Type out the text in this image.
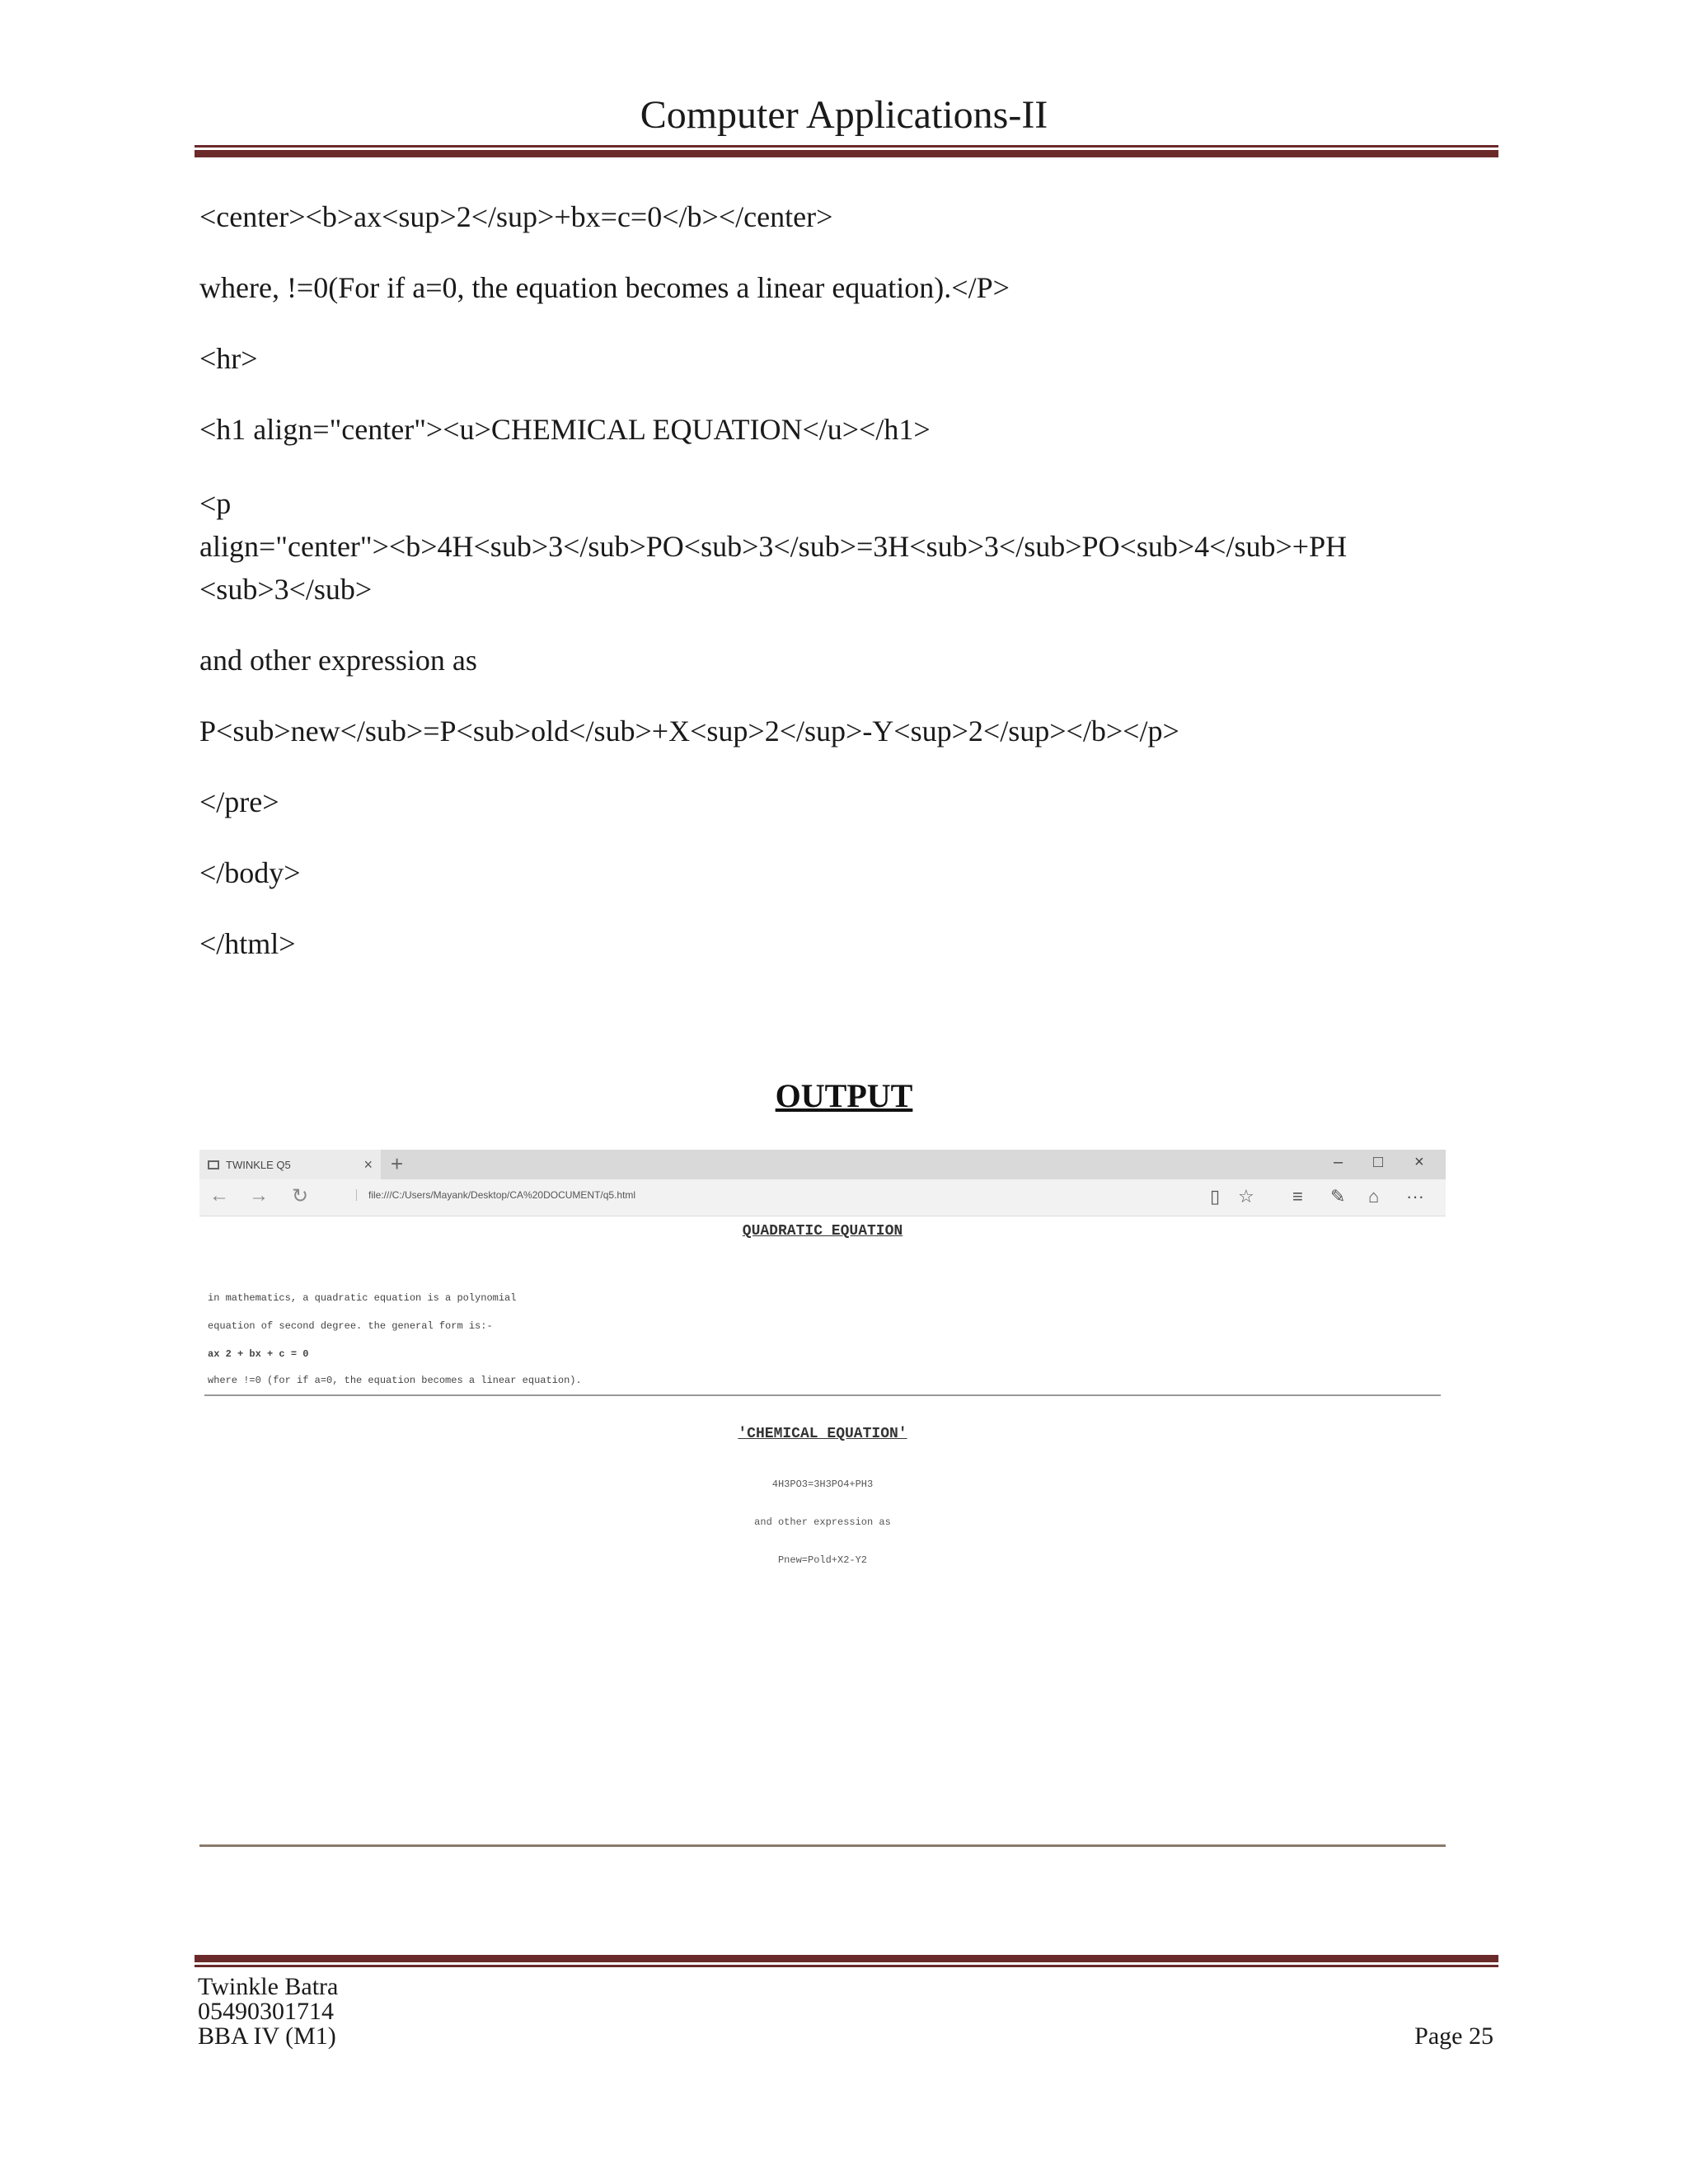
Computer Applications-II
<center><b>ax<sup>2</sup>+bx=c=0</b></center>
where, !=0(For if a=0, the equation becomes a linear equation).</P>
<hr>
<h1 align="center"><u>CHEMICAL EQUATION</u></h1>
<p
align="center"><b>4H<sub>3</sub>PO<sub>3</sub>=3H<sub>3</sub>PO<sub>4</sub>+PH
<sub>3</sub>
and other expression as
P<sub>new</sub>=P<sub>old</sub>+X<sup>2</sup>-Y<sup>2</sup></b></p>
</pre>
</body>
</html>
OUTPUT
TWINKLE Q5	× +	– □ ×
← → ↻	file:///C:/Users/Mayank/Desktop/CA%20DOCUMENT/q5.html	▯ ☆ ≡ ✎ ⌂ ···
QUADRATIC EQUATION
in mathematics, a quadratic equation is a polynomial
equation of second degree. the general form is:-
ax 2 + bx + c = 0
where !=0 (for if a=0, the equation becomes a linear equation).
'CHEMICAL EQUATION'
4H3PO3=3H3PO4+PH3
and other expression as
Pnew=Pold+X2-Y2
Twinkle Batra
05490301714
BBA IV (M1)	Page 25
